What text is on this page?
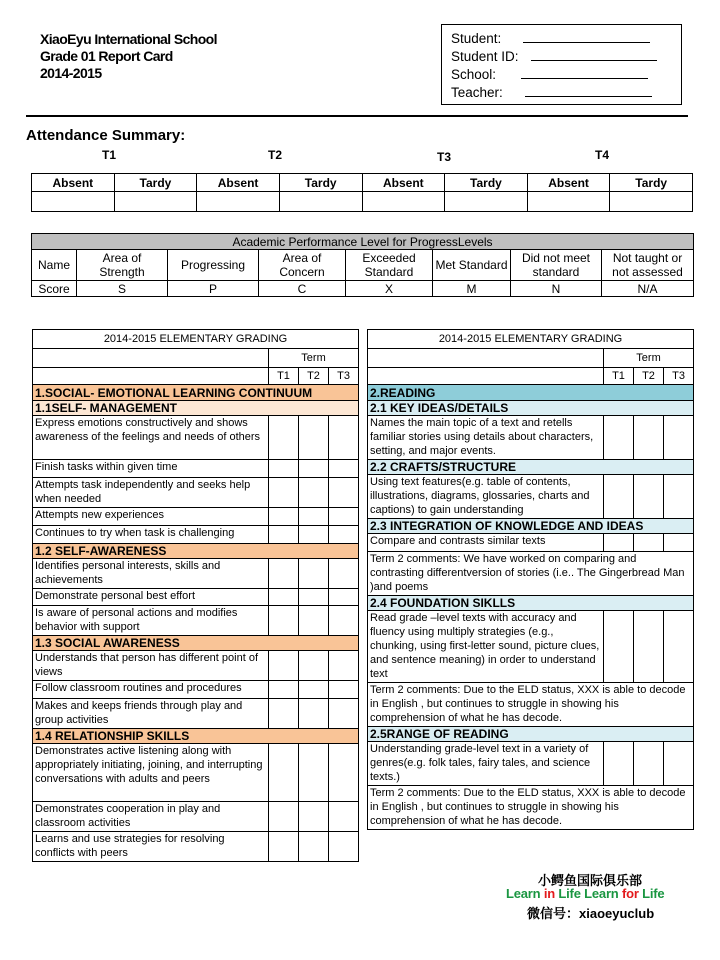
XiaoEyu International School
Grade 01 Report Card
2014-2015
Student:
Student ID:
School:
Teacher:
Attendance Summary:
T1	T2	T3	T4
Absent	Tardy	Absent	Tardy	Absent	Tardy	Absent	Tardy

Academic Performance Level for ProgressLevels							
Name	Area of Strength	Progressing	Area of Concern	Exceeded Standard	Met Standard	Did not meet standard	Not taught or not assessed
Score	S	P	C	X	M	N	N/A
2014-2015 ELEMENTARY GRADING			
	Term		
	T1	T2	T3
1.SOCIAL- EMOTIONAL LEARNING CONTINUUM			
1.1SELF- MANAGEMENT			
Express emotions constructively and shows awareness of the feelings and needs of others			
Finish tasks within given time			
Attempts task independently and seeks help when needed			
Attempts new experiences			
Continues to try when task is challenging			
1.2 SELF-AWARENESS			
Identifies personal interests, skills and achievements			
Demonstrate personal best effort			
Is aware of personal actions and modifies behavior with support			
1.3 SOCIAL AWARENESS			
Understands that person has different point of views			
Follow classroom routines and procedures			
Makes and keeps friends through play and group activities			
1.4 RELATIONSHIP SKILLS			
Demonstrates active listening along with appropriately initiating, joining, and interrupting conversations with adults and peers			
Demonstrates cooperation in play and classroom activities			
Learns and use strategies for resolving conflicts with peers			
2014-2015 ELEMENTARY GRADING			
	Term		
	T1	T2	T3
2.READING			
2.1 KEY IDEAS/DETAILS			
Names the main topic of a text and retells familiar stories using details about characters, setting, and major events.			
2.2 CRAFTS/STRUCTURE			
Using text features(e.g. table of contents, illustrations, diagrams, glossaries, charts and captions) to gain understanding			
2.3 INTEGRATION OF KNOWLEDGE AND IDEAS			
Compare and contrasts similar texts			
Term 2 comments: We have worked on comparing and contrasting differentversion of stories (i.e.. The Gingerbread Man )and poems			
2.4 FOUNDATION SIKLLS			
Read grade –level texts with accuracy and fluency using multiply strategies (e.g., chunking, using first-letter sound, picture clues, and sentence meaning) in order to understand text			
Term 2 comments: Due to the ELD status, XXX is able to decode in English , but continues to struggle in showing his comprehension of what he has decode.			
2.5RANGE OF READING			
Understanding grade-level text in a variety of genres(e.g. folk tales, fairy tales, and science texts.)			
Term 2 comments: Due to the ELD status, XXX is able to decode in English , but continues to struggle in showing his comprehension of what he has decode.			
小鳄鱼国际俱乐部
Learn in Life Learn for Life
微信号：xiaoeyuclub
